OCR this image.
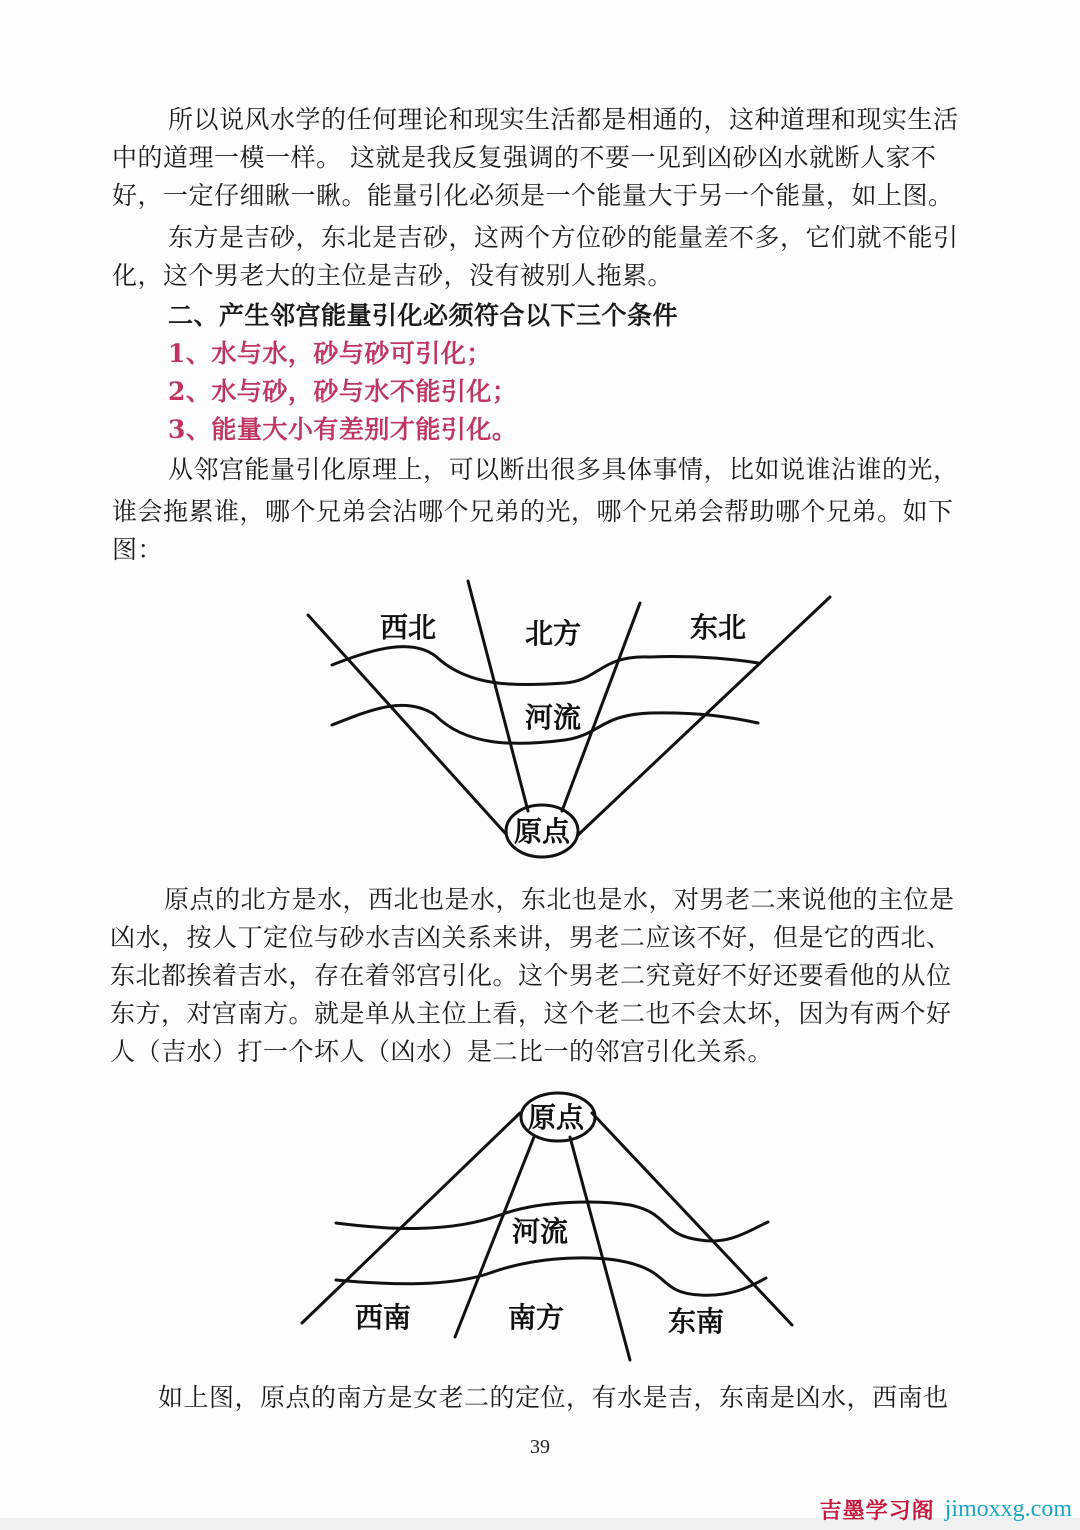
所以说风水学的任何理论和现实生活都是相通的，这种道理和现实生活
中的道理一模一样。 这就是我反复强调的不要一见到凶砂凶水就断人家不
好，一定仔细瞅一瞅。能量引化必须是一个能量大于另一个能量，如上图。
东方是吉砂，东北是吉砂，这两个方位砂的能量差不多，它们就不能引
化，这个男老大的主位是吉砂，没有被别人拖累。
二、产生邻宫能量引化必须符合以下三个条件
1、水与水，砂与砂可引化；
2、水与砂，砂与水不能引化；
3、能量大小有差别才能引化。
从邻宫能量引化原理上，可以断出很多具体事情，比如说谁沾谁的光，
谁会拖累谁，哪个兄弟会沾哪个兄弟的光，哪个兄弟会帮助哪个兄弟。如下
图：
西北	北方	东北
河流
原点
原点的北方是水，西北也是水，东北也是水，对男老二来说他的主位是
凶水，按人丁定位与砂水吉凶关系来讲，男老二应该不好，但是它的西北、
东北都挨着吉水，存在着邻宫引化。这个男老二究竟好不好还要看他的从位
东方，对宫南方。就是单从主位上看，这个老二也不会太坏，因为有两个好
人（吉水）打一个坏人（凶水）是二比一的邻宫引化关系。
原点
河流
西南	南方	东南
如上图，原点的南方是女老二的定位，有水是吉，东南是凶水，西南也
39
吉墨学习阁 jimoxxg.com
